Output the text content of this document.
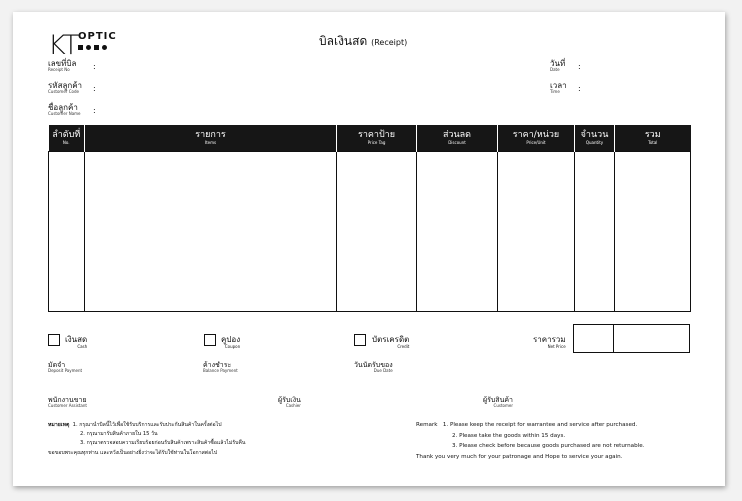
KT OPTIC	บิลเงินสด (Receipt)
เลขที่บิล
Receipt No	:
รหัสลูกค้า
Customer Code	:
ชื่อลูกค้า
Customer Name :
วันที่
Date	:
เวลา
Time	:
ลำดับที่
No.	รายการ
Items	ราคาป้าย
Price Tag	ส่วนลด
Discount	ราคา/หน่วย
Price/Unit	จำนวน
Quantity	รวม
Total

เงินสด
Cash
คูปอง
Coupon
บัตรเครดิต
Credit
ราคารวม
Net Price
มัดจำ
Deposit Payment
ค้างชำระ
Balance Payment
วันนัดรับของ
Due Date
พนักงานขาย
Customer Assistant
ผู้รับเงิน
Cashier
ผู้รับสินค้า
Customer
หมายเหตุ 1. กรุณานำบิลนี้ไว้เพื่อใช้รับบริการและรับประกันสินค้าในครั้งต่อไป
2. กรุณามารับสินค้าภายใน 15 วัน
3. กรุณาตรวจสอบความเรียบร้อยก่อนรับสินค้าเพราะสินค้าซื้อแล้วไม่รับคืน
ขอขอบพระคุณทุกท่าน และหวังเป็นอย่างยิ่งว่าจะได้รับใช้ท่านในโอกาสต่อไป
Remark 1. Please keep the receipt for warrantee and service after purchased.
2. Please take the goods within 15 days.
3. Please check before because goods purchased are not returnable.
Thank you very much for your patronage and Hope to service your again.
